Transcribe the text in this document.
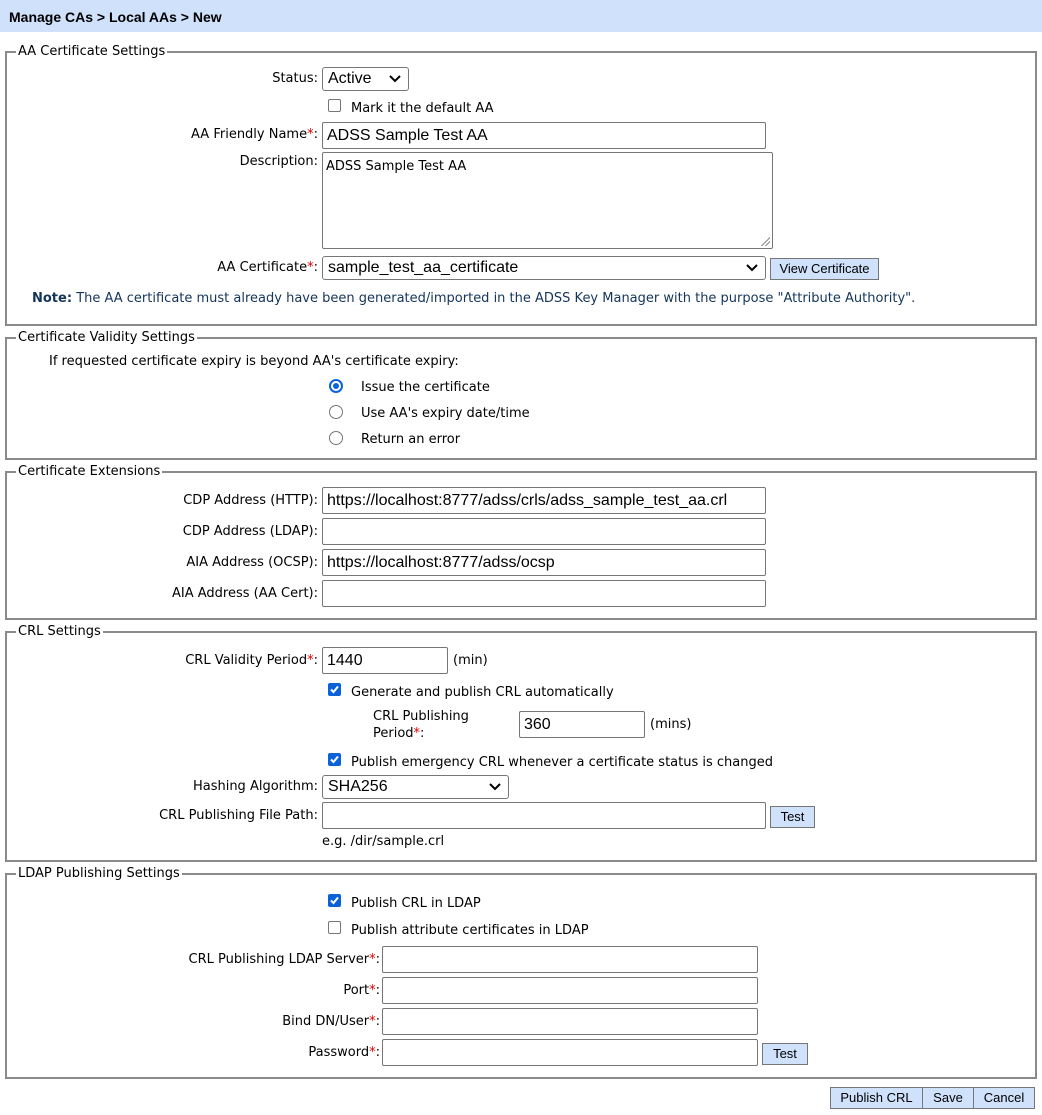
Manage CAs > Local AAs > New
AA Certificate Settings
Status: Active
Mark it the default AA
AA Friendly Name*: ADSS Sample Test AA
Description: ADSS Sample Test AA
AA Certificate*: sample_test_aa_certificate	View Certificate
Note: The AA certificate must already have been generated/imported in the ADSS Key Manager with the purpose "Attribute Authority".
Certificate Validity Settings
If requested certificate expiry is beyond AA's certificate expiry:
Issue the certificate
Use AA's expiry date/time
Return an error
Certificate Extensions
CDP Address (HTTP): https://localhost:8777/adss/crls/adss_sample_test_aa.crl
CDP Address (LDAP):
AIA Address (OCSP): https://localhost:8777/adss/ocsp
AIA Address (AA Cert):
CRL Settings
CRL Validity Period*: 1440	(min)
Generate and publish CRL automatically
CRL Publishing
Period*:
360	(mins)
Publish emergency CRL whenever a certificate status is changed
Hashing Algorithm: SHA256
CRL Publishing File Path:	Test
e.g. /dir/sample.crl
LDAP Publishing Settings
Publish CRL in LDAP
Publish attribute certificates in LDAP
CRL Publishing LDAP Server*:
Port*:
Bind DN/User*:
Password*:	Test
Publish CRL	Save	Cancel
